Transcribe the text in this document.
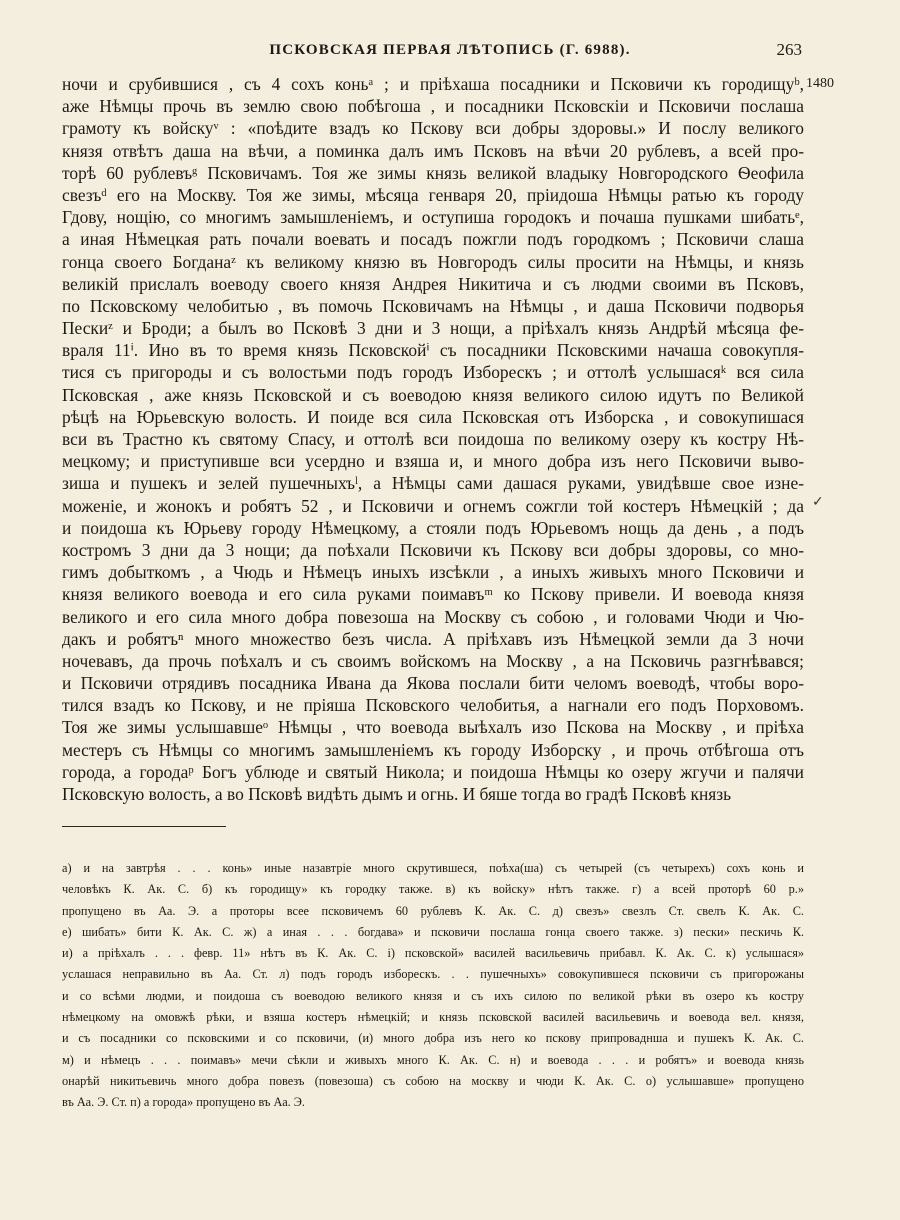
ПСКОВСКАЯ ПЕРВАЯ ЛѢТОПИСЬ (Г. 6988).	263
1480
✓
ночи и срубившися , съ 4 сохъ коньᵃ ; и пріѣхаша посадники и Псковичи къ городищуᵇ,
аже Нѣмцы прочь въ землю свою побѣгоша , и посадники Псковскіи и Псковичи послаша
грамоту къ войскуᵛ : «поѣдите взадъ ко Пскову вси добры здоровы.» И послу великого
князя отвѣтъ даша на вѣчи, а поминка далъ имъ Псковъ на вѣчи 20 рублевъ, а всей про-
торѣ 60 рублевъᵍ Псковичамъ. Тоя же зимы князь великой владыку Новгородского Ѳеофила
свезъᵈ его на Москву. Тоя же зимы, мѣсяца генваря 20, пріидоша Нѣмцы ратью къ городу
Гдову, нощію, со многимъ замышленіемъ, и оступиша городокъ и почаша пушками шибатьᵉ,
а иная Нѣмецкая рать почали воевать и посадъ пожгли подъ городкомъ ; Псковичи слаша
гонца своего Богданаᶻ къ великому князю въ Новгородъ силы просити на Нѣмцы, и князь
великій прислалъ воеводу своего князя Андрея Никитича и съ людми своими въ Псковъ,
по Псковскому челобитью , въ помочь Псковичамъ на Нѣмцы , и даша Псковичи подворья
Пескиᶻ и Броди; а былъ во Псковѣ 3 дни и 3 нощи, а пріѣхалъ князь Андрѣй мѣсяца фе-
враля 11ⁱ. Ино въ то время князь Псковскойⁱ съ посадники Псковскими начаша совокупля-
тися съ пригороды и съ волостьми подъ городъ Изборескъ ; и оттолѣ услышасяᵏ вся сила
Псковская , аже князь Псковской и съ воеводою князя великого силою идутъ по Великой
рѣцѣ на Юрьевскую волость. И поиде вся сила Псковская отъ Изборска , и совокупишася
вси въ Трастно къ святому Спасу, и оттолѣ вси поидоша по великому озеру къ костру Нѣ-
мецкому; и приступивше вси усердно и взяша и, и много добра изъ него Псковичи выво-
зиша и пушекъ и зелей пушечныхъˡ, а Нѣмцы сами дашася руками, увидѣвше свое изне-
моженіе, и жонокъ и робятъ 52 , и Псковичи и огнемъ сожгли той костеръ Нѣмецкій ; да
и поидоша къ Юрьеву городу Нѣмецкому, а стояли подъ Юрьевомъ нощь да день , а подъ
костромъ 3 дни да 3 нощи; да поѣхали Псковичи къ Пскову вси добры здоровы, со мно-
гимъ добыткомъ , а Чюдь и Нѣмецъ иныхъ изсѣкли , а иныхъ живыхъ много Псковичи и
князя великого воевода и его сила руками поимавъᵐ ко Пскову привели. И воевода князя
великого и его сила много добра повезоша на Москву съ собою , и головами Чюди и Чю-
дакъ и робятъⁿ много множество безъ числа. А пріѣхавъ изъ Нѣмецкой земли да 3 ночи
ночевавъ, да прочь поѣхалъ и съ своимъ войскомъ на Москву , а на Псковичь разгнѣвався;
и Псковичи отрядивъ посадника Ивана да Якова послали бити челомъ воеводѣ, чтобы воро-
тился взадъ ко Пскову, и не пріяша Псковского челобитья, а нагнали его подъ Порховомъ.
Тоя же зимы услышавшеᵒ Нѣмцы , что воевода выѣхалъ изо Пскова на Москву , и пріѣха
местеръ съ Нѣмцы со многимъ замышленіемъ къ городу Изборску , и прочь отбѣгоша отъ
города, а городаᵖ Богъ ублюде и святый Никола; и поидоша Нѣмцы ко озеру жгучи и палячи
Псковскую волость, а во Псковѣ видѣть дымъ и огнь. И бяше тогда во градѣ Псковѣ князь
а) и на завтрѣя . . . конь» иные назавтріе много скрутившеся, поѣха(ша) съ четырей (съ четырехъ) сохъ конь и
человѣкъ К. Ак. С. б) къ городищу» къ городку также. в) къ войску» нѣтъ также. г) а всей проторѣ 60 р.»
пропущено въ Аа. Э. а проторы всее псковичемъ 60 рублевъ К. Ак. С. д) свезъ» свезлъ Ст. свелъ К. Ак. С.
е) шибать» бити К. Ак. С. ж) а иная . . . богдава» и псковичи послаша гонца своего также. з) пески» пескичь К.
и) а пріѣхалъ . . . февр. 11» нѣтъ въ К. Ак. С. і) псковской» василей васильевичь прибавл. К. Ак. С. к) услышася»
услашася неправильно въ Аа. Ст. л) подъ городъ изборескъ. . . пушечныхъ» совокупившеся псковичи съ пригорожаны
и со всѣми людми, и поидоша съ воеводою великого князя и съ ихъ силою по великой рѣки въ озеро къ костру
нѣмецкому на омовжѣ рѣки, и взяша костеръ нѣмецкій; и князь псковской василей васильевичь и воевода вел. князя,
и съ посадники со псковскими и со псковичи, (и) много добра изъ него ко пскову припроваднша и пушекъ К. Ак. С.
м) и нѣмецъ . . . поимавъ» мечи сѣкли и живыхъ много К. Ак. С. н) и воевода . . . и робятъ» и воевода князь
онарѣй никитьевичь много добра повезъ (повезоша) съ собою на москву и чюди К. Ак. С. о) услышавше» пропущено
въ Аа. Э. Ст. п) а города» пропущено въ Аа. Э.
